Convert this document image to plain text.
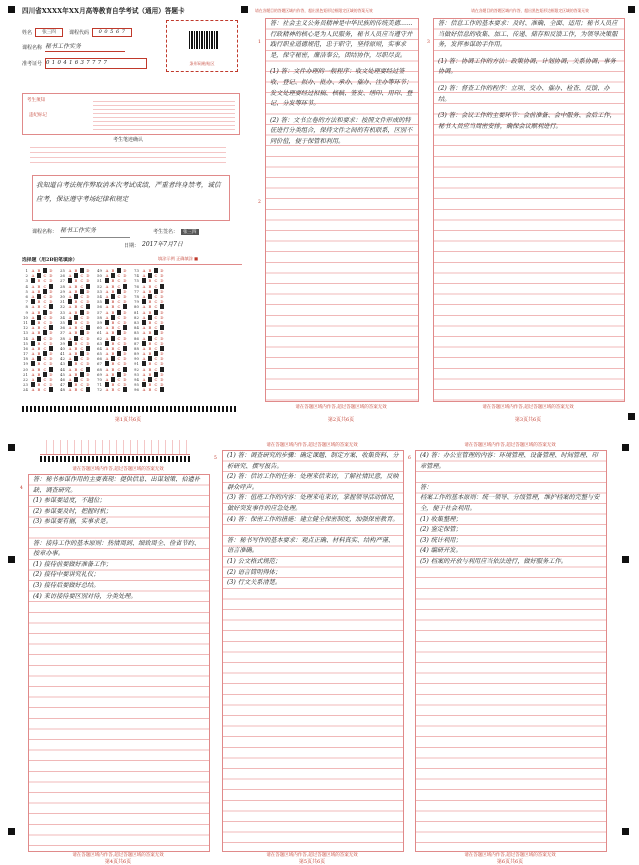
四川省XXXX年XX月高等教育自学考试（通用）答题卡
姓名	张三四	课程代码	0 0 5 6 7
课程名称 秘书工作实务
准考证号 0 1 0 4 1 6 3 7 7 7 7	条形码粘贴区
考生须知
违纪标记
考生笔迹确认
我知道自考法规作弊取消本次考试成绩，严重者终身禁考，诚信应考，保证遵守考场纪律和规定
课程名称： 秘书工作实务	考生签名：	张三四
日期： 2017年7月7日
选择题（用2B铅笔填涂）	填涂示例 正确填涂 ■
1 A B C D
2 A B C D
3 A B C D
4 A B C D
5 A B C D
6 A B C D
7 A B C D
8 A B C D
9 A B C D
10 A B C D
11 A B C D
12 A B C D
13 A B C D
14 A B C D
15 A B C D
16 A B C D
17 A B C D
18 A B C D
19 A B C D
20 A B C D
21 A B C D
22 A B C D
23 A B C D
24 A B C D
25 A B C D
26 A B C D
27 A B C D
28 A B C D
29 A B C D
30 A B C D
31 A B C D
32 A B C D
33 A B C D
34 A B C D
35 A B C D
36 A B C D
37 A B C D
38 A B C D
39 A B C D
40 A B C D
41 A B C D
42 A B C D
43 A B C D
44 A B C D
45 A B C D
46 A B C D
47 A B C D
48 A B C D
49 A B C D
50 A B C D
51 A B C D
52 A B C D
53 A B C D
54 A B C D
55 A B C D
56 A B C D
57 A B C D
58 A B C D
59 A B C D
60 A B C D
61 A B C D
62 A B C D
63 A B C D
64 A B C D
65 A B C D
66 A B C D
67 A B C D
68 A B C D
69 A B C D
70 A B C D
71 A B C D
72 A B C D
73 A B C D
74 A B C D
75 A B C D
76 A B C D
77 A B C D
78 A B C D
79 A B C D
80 A B C D
81 A B C D
82 A B C D
83 A B C D
84 A B C D
85 A B C D
86 A B C D
87 A B C D
88 A B C D
89 A B C D
90 A B C D
91 A B C D
92 A B C D
93 A B C D
94 A B C D
95 A B C D
96 A B C D
第1页共6页
请在各题目的答题区域内作答，超出黑色矩形边框限定区域的答案无效	请在各题目的答题区域内作答，超出黑色矩形边框限定区域的答案无效
答：社会主义公务员精神是中华民族的传统美德……行政精神的核心是为人民服务，秘书人员应当遵守并践行职业道德规范，忠于职守，坚持原则，实事求是，保守秘密，廉洁奉公，团结协作，尽职尽责。
(1) 答：文件办理的一般程序：收文处理要经过签收、登记、拟办、批办、承办、催办、注办等环节；发文处理要经过拟稿、核稿、签发、缮印、用印、登记、分发等环节。
(2) 答：文书立卷的方法和要求：按照文件形成的特征进行分类组合，保持文件之间的有机联系，区别不同价值，便于保管和利用。
1
2
答：信息工作的基本要求：及时、准确、全面、适用；秘书人员应当做好信息的收集、加工、传递、储存和反馈工作，为领导决策服务，发挥参谋助手作用。
(1) 答：协调工作的方法：政策协调、计划协调、关系协调、事务协调。
(2) 答：督查工作的程序：立项、交办、催办、检查、反馈、办结。
(3) 答：会议工作的主要环节：会前准备、会中服务、会后工作，秘书人员应当周密安排，确保会议顺利进行。
3
请在答题区域内作答,超过答题区域的答案无效	请在答题区域内作答,超过答题区域的答案无效
第2页共6页	第3页共6页
请在答题区域内作答,超过答题区域的答案无效
请在答题区域内作答,超过答题区域的答案无效	请在答题区域内作答,超过答题区域的答案无效
答：秘书参谋作用的主要表现：提供信息、出谋划策、拾遗补缺、调查研究。
(1) 参谋要适度，不越位；
(2) 参谋要及时，把握时机；
(3) 参谋要有据，实事求是。

答：接待工作的基本原则：热情周到、细致周全、俭省节约、按章办事。
(1) 接待前要做好准备工作；
(2) 接待中要讲究礼仪；
(3) 接待后要做好总结。
(4) 来访接待要区别对待，分类处理。
(1) 答：调查研究的步骤：确定课题、制定方案、收集资料、分析研究、撰写报告。
(2) 答：信访工作的任务：处理来信来访，了解社情民意，反映群众呼声。
(3) 答：值班工作的内容：处理来电来访，掌握领导活动情况，做好突发事件的应急处理。
(4) 答：保密工作的措施：建立健全保密制度，加强保密教育。

答：秘书写作的基本要求：观点正确、材料真实、结构严谨、语言准确。
(1) 公文格式规范；
(2) 语言简明得体；
(3) 行文关系清楚。
(4) 答：办公室管理的内容：环境管理、设备管理、时间管理、印章管理。

答：
档案工作的基本原则：统一领导、分级管理，维护档案的完整与安全，便于社会利用。
(1) 收集整理；
(2) 鉴定保管；
(3) 统计利用；
(4) 编研开发。
(5) 档案的开放与利用应当依法进行，做好服务工作。
4
5	6
请在答题区域内作答,超过答题区域的答案无效	请在答题区域内作答,超过答题区域的答案无效	请在答题区域内作答,超过答题区域的答案无效
第4页共6页	第5页共6页	第6页共6页
